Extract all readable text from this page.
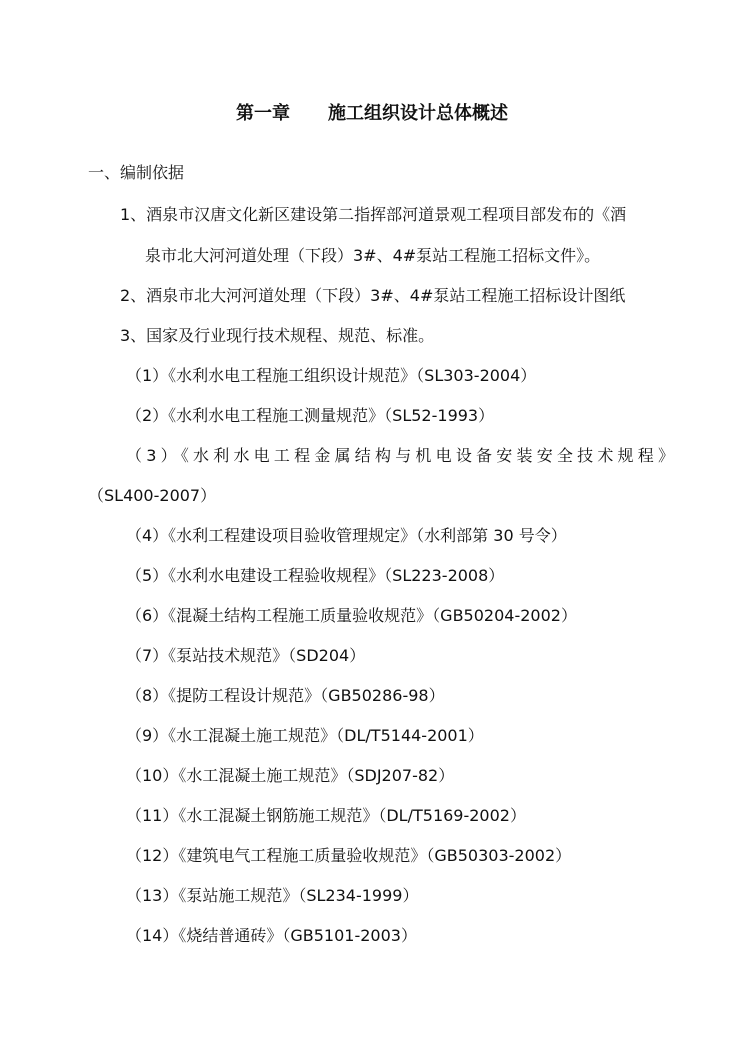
第一章 施工组织设计总体概述

一、编制依据

1、酒泉市汉唐文化新区建设第二指挥部河道景观工程项目部发布的《酒

泉市北大河河道处理（下段）3#、4#泵站工程施工招标文件》。

2、酒泉市北大河河道处理（下段）3#、4#泵站工程施工招标设计图纸

3、国家及行业现行技术规程、规范、标准。

（1）《水利水电工程施工组织设计规范》（SL303-2004）

（2）《水利水电工程施工测量规范》（SL52-1993）

（3）《水利水电工程金属结构与机电设备安装安全技术规程》

（SL400-2007）

（4）《水利工程建设项目验收管理规定》（水利部第 30 号令）

（5）《水利水电建设工程验收规程》（SL223-2008）

（6）《混凝土结构工程施工质量验收规范》（GB50204-2002）

（7）《泵站技术规范》（SD204）

（8）《提防工程设计规范》（GB50286-98）

（9）《水工混凝土施工规范》（DL/T5144-2001）

（10）《水工混凝土施工规范》（SDJ207-82）

（11）《水工混凝土钢筋施工规范》（DL/T5169-2002）

（12）《建筑电气工程施工质量验收规范》（GB50303-2002）

（13）《泵站施工规范》（SL234-1999）

（14）《烧结普通砖》（GB5101-2003）
